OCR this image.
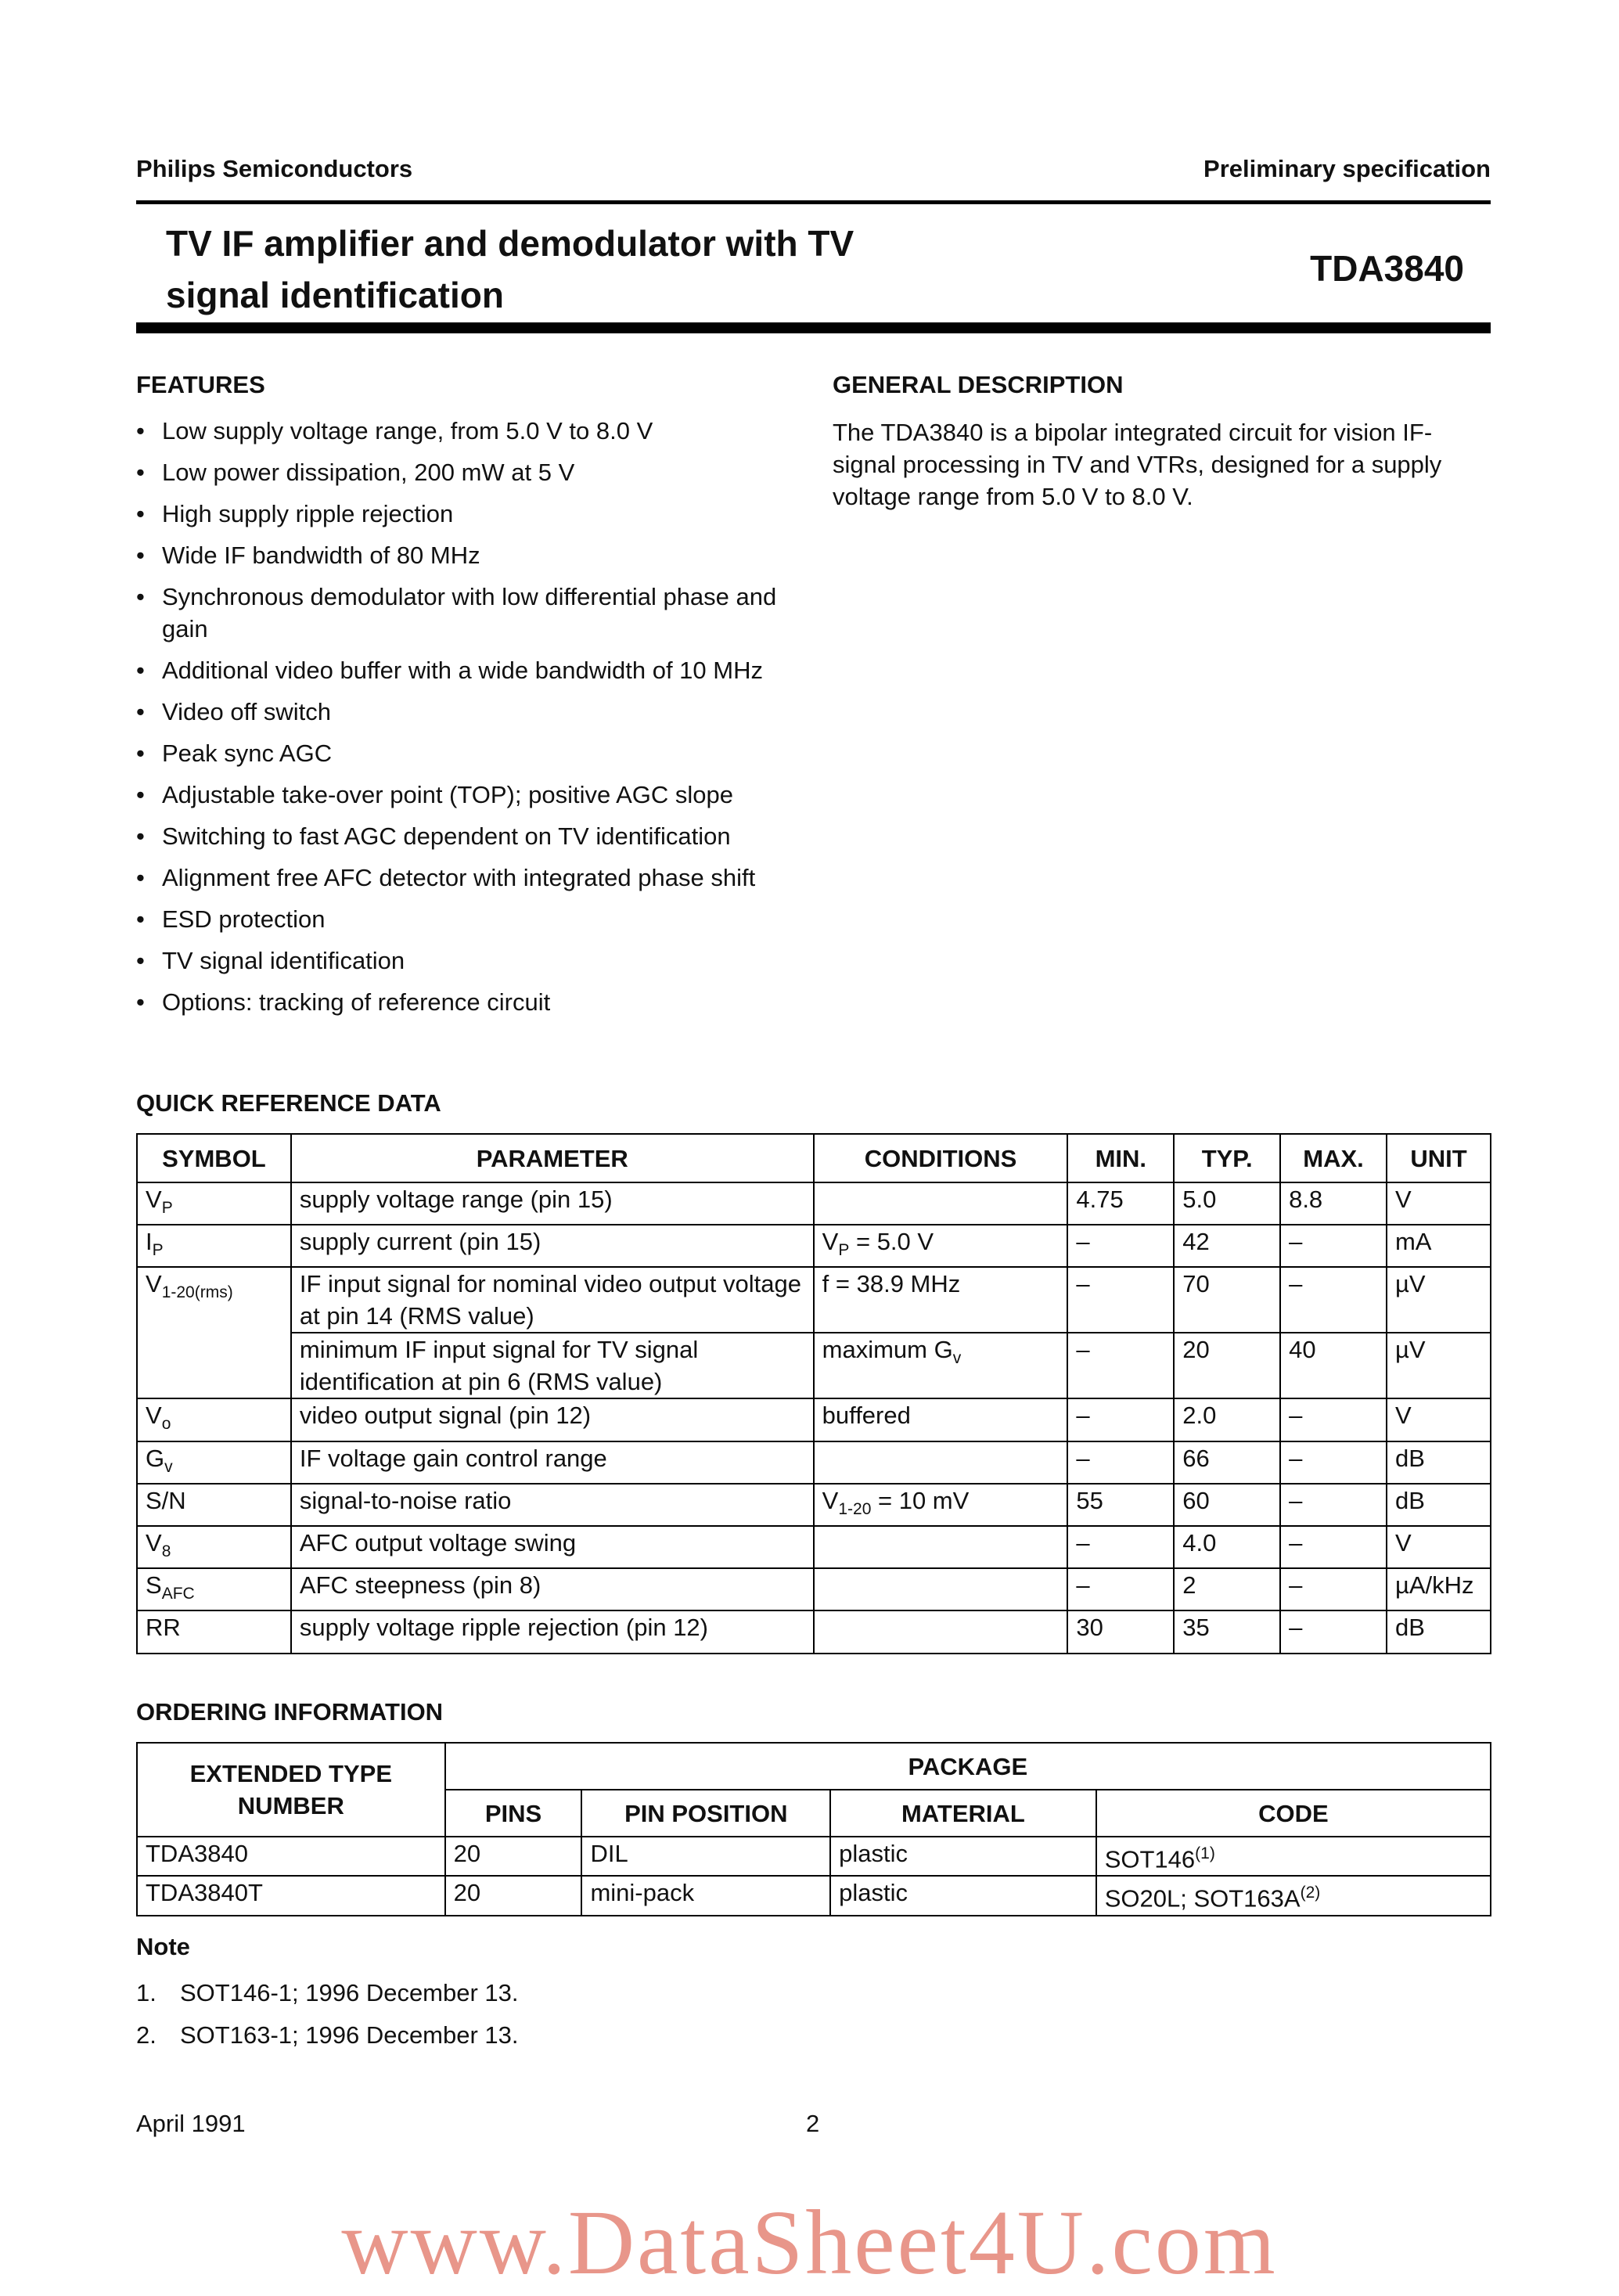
Philips Semiconductors	Preliminary specification
TV IF amplifier and demodulator with TV
signal identification
TDA3840
FEATURES
• Low supply voltage range, from 5.0 V to 8.0 V
• Low power dissipation, 200 mW at 5 V
• High supply ripple rejection
• Wide IF bandwidth of 80 MHz
• Synchronous demodulator with low differential phase and gain
• Additional video buffer with a wide bandwidth of 10 MHz
• Video off switch
• Peak sync AGC
• Adjustable take-over point (TOP); positive AGC slope
• Switching to fast AGC dependent on TV identification
• Alignment free AFC detector with integrated phase shift
• ESD protection
• TV signal identification
• Options: tracking of reference circuit
GENERAL DESCRIPTION

The TDA3840 is a bipolar integrated circuit for vision IF-signal processing in TV and VTRs, designed for a supply voltage range from 5.0 V to 8.0 V.

QUICK REFERENCE DATA
SYMBOL	PARAMETER	CONDITIONS	MIN.	TYP.	MAX.	UNIT
$V_P$	supply voltage range (pin 15)		4.75	5.0	8.8	V
$I_P$	supply current (pin 15)	$V_P = 5.0$ V	–	42	–	mA
$V_{1-20(rms)}$	IF input signal for nominal video output voltage at pin 14 (RMS value)	f = 38.9 MHz	–	70	–	µV
	minimum IF input signal for TV signal identification at pin 6 (RMS value)	maximum $G_v$	–	20	40	µV
$V_o$	video output signal (pin 12)	buffered	–	2.0	–	V
$G_v$	IF voltage gain control range		–	66	–	dB
S/N	signal-to-noise ratio	$V_{1-20} = 10$ mV	55	60	–	dB
$V_8$	AFC output voltage swing		–	4.0	–	V
$S_{AFC}$	AFC steepness (pin 8)		–	2	–	µA/kHz
RR	supply voltage ripple rejection (pin 12)		30	35	–	dB
ORDERING INFORMATION
EXTENDED TYPE NUMBER	PACKAGE			
	PINS	PIN POSITION	MATERIAL	CODE
TDA3840	20	DIL	plastic	SOT146$^{(1)}$
TDA3840T	20	mini-pack	plastic	SO20L; $SOT163A^{(2)}$
Note
1. SOT146-1; 1996 December 13.
2. SOT163-1; 1996 December 13.
April 1991	2
www.DataSheet4U.com
